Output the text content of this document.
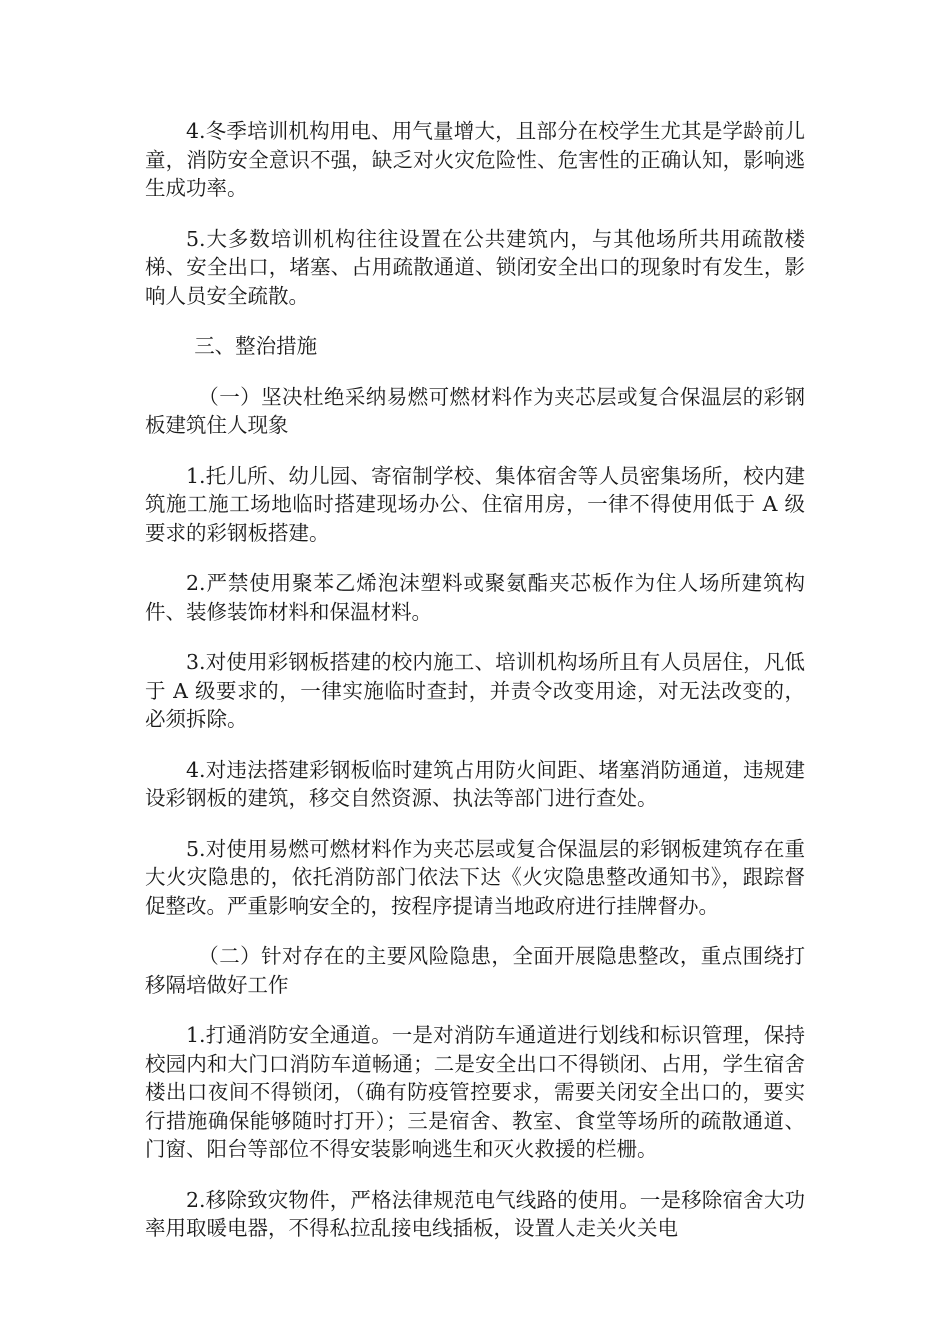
4.冬季培训机构用电、用气量增大，且部分在校学生尤其是学龄前儿童，消防安全意识不强，缺乏对火灾危险性、危害性的正确认知，影响逃生成功率。

5.大多数培训机构往往设置在公共建筑内，与其他场所共用疏散楼梯、安全出口，堵塞、占用疏散通道、锁闭安全出口的现象时有发生，影响人员安全疏散。

三、整治措施

（一）坚决杜绝采纳易燃可燃材料作为夹芯层或复合保温层的彩钢板建筑住人现象

1.托儿所、幼儿园、寄宿制学校、集体宿舍等人员密集场所，校内建筑施工施工场地临时搭建现场办公、住宿用房，一律不得使用低于 A 级要求的彩钢板搭建。

2.严禁使用聚苯乙烯泡沫塑料或聚氨酯夹芯板作为住人场所建筑构件、装修装饰材料和保温材料。

3.对使用彩钢板搭建的校内施工、培训机构场所且有人员居住，凡低于 A 级要求的，一律实施临时查封，并责令改变用途，对无法改变的，必须拆除。

4.对违法搭建彩钢板临时建筑占用防火间距、堵塞消防通道，违规建设彩钢板的建筑，移交自然资源、执法等部门进行查处。

5.对使用易燃可燃材料作为夹芯层或复合保温层的彩钢板建筑存在重大火灾隐患的，依托消防部门依法下达《火灾隐患整改通知书》，跟踪督促整改。严重影响安全的，按程序提请当地政府进行挂牌督办。

（二）针对存在的主要风险隐患，全面开展隐患整改，重点围绕打移隔培做好工作

1.打通消防安全通道。一是对消防车通道进行划线和标识管理，保持校园内和大门口消防车道畅通；二是安全出口不得锁闭、占用，学生宿舍楼出口夜间不得锁闭，（确有防疫管控要求，需要关闭安全出口的，要实行措施确保能够随时打开）；三是宿舍、教室、食堂等场所的疏散通道、门窗、阳台等部位不得安装影响逃生和灭火救援的栏栅。

2.移除致灾物件，严格法律规范电气线路的使用。一是移除宿舍大功率用取暖电器，不得私拉乱接电线插板，设置人走关火关电
